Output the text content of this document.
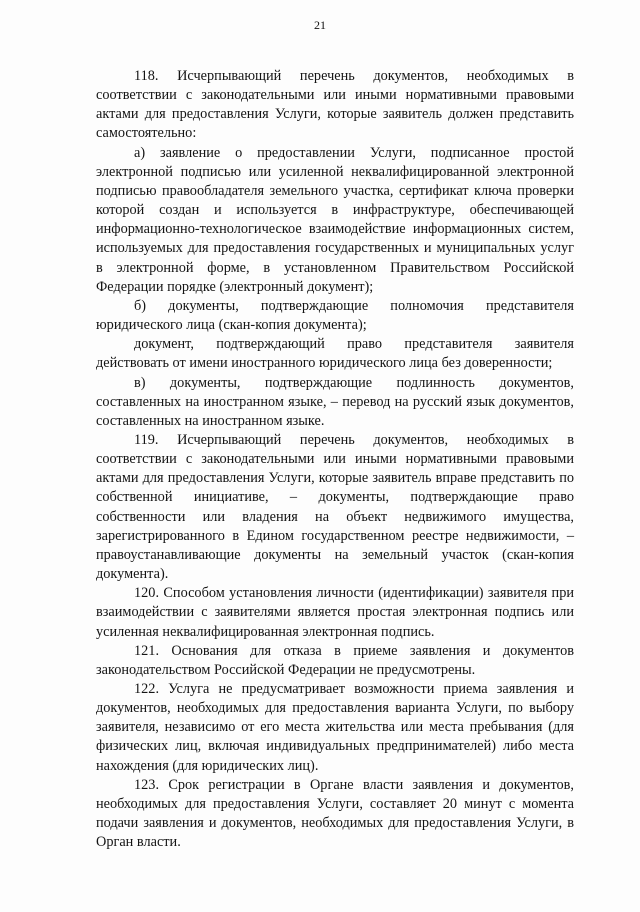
21

118. Исчерпывающий перечень документов, необходимых в соответствии с законодательными или иными нормативными правовыми актами для предоставления Услуги, которые заявитель должен представить самостоятельно:

а) заявление о предоставлении Услуги, подписанное простой электронной подписью или усиленной неквалифицированной электронной подписью правообладателя земельного участка, сертификат ключа проверки которой создан и используется в инфраструктуре, обеспечивающей информационно-технологическое взаимодействие информационных систем, используемых для предоставления государственных и муниципальных услуг в электронной форме, в установленном Правительством Российской Федерации порядке (электронный документ);

б) документы, подтверждающие полномочия представителя юридического лица (скан-копия документа);

документ, подтверждающий право представителя заявителя действовать от имени иностранного юридического лица без доверенности;

в) документы, подтверждающие подлинность документов, составленных на иностранном языке, – перевод на русский язык документов, составленных на иностранном языке.

119. Исчерпывающий перечень документов, необходимых в соответствии с законодательными или иными нормативными правовыми актами для предоставления Услуги, которые заявитель вправе представить по собственной инициативе, – документы, подтверждающие право собственности или владения на объект недвижимого имущества, зарегистрированного в Едином государственном реестре недвижимости, – правоустанавливающие документы на земельный участок (скан-копия документа).

120. Способом установления личности (идентификации) заявителя при взаимодействии с заявителями является простая электронная подпись или усиленная неквалифицированная электронная подпись.

121. Основания для отказа в приеме заявления и документов законодательством Российской Федерации не предусмотрены.

122. Услуга не предусматривает возможности приема заявления и документов, необходимых для предоставления варианта Услуги, по выбору заявителя, независимо от его места жительства или места пребывания (для физических лиц, включая индивидуальных предпринимателей) либо места нахождения (для юридических лиц).

123. Срок регистрации в Органе власти заявления и документов, необходимых для предоставления Услуги, составляет 20 минут с момента подачи заявления и документов, необходимых для предоставления Услуги, в Орган власти.
